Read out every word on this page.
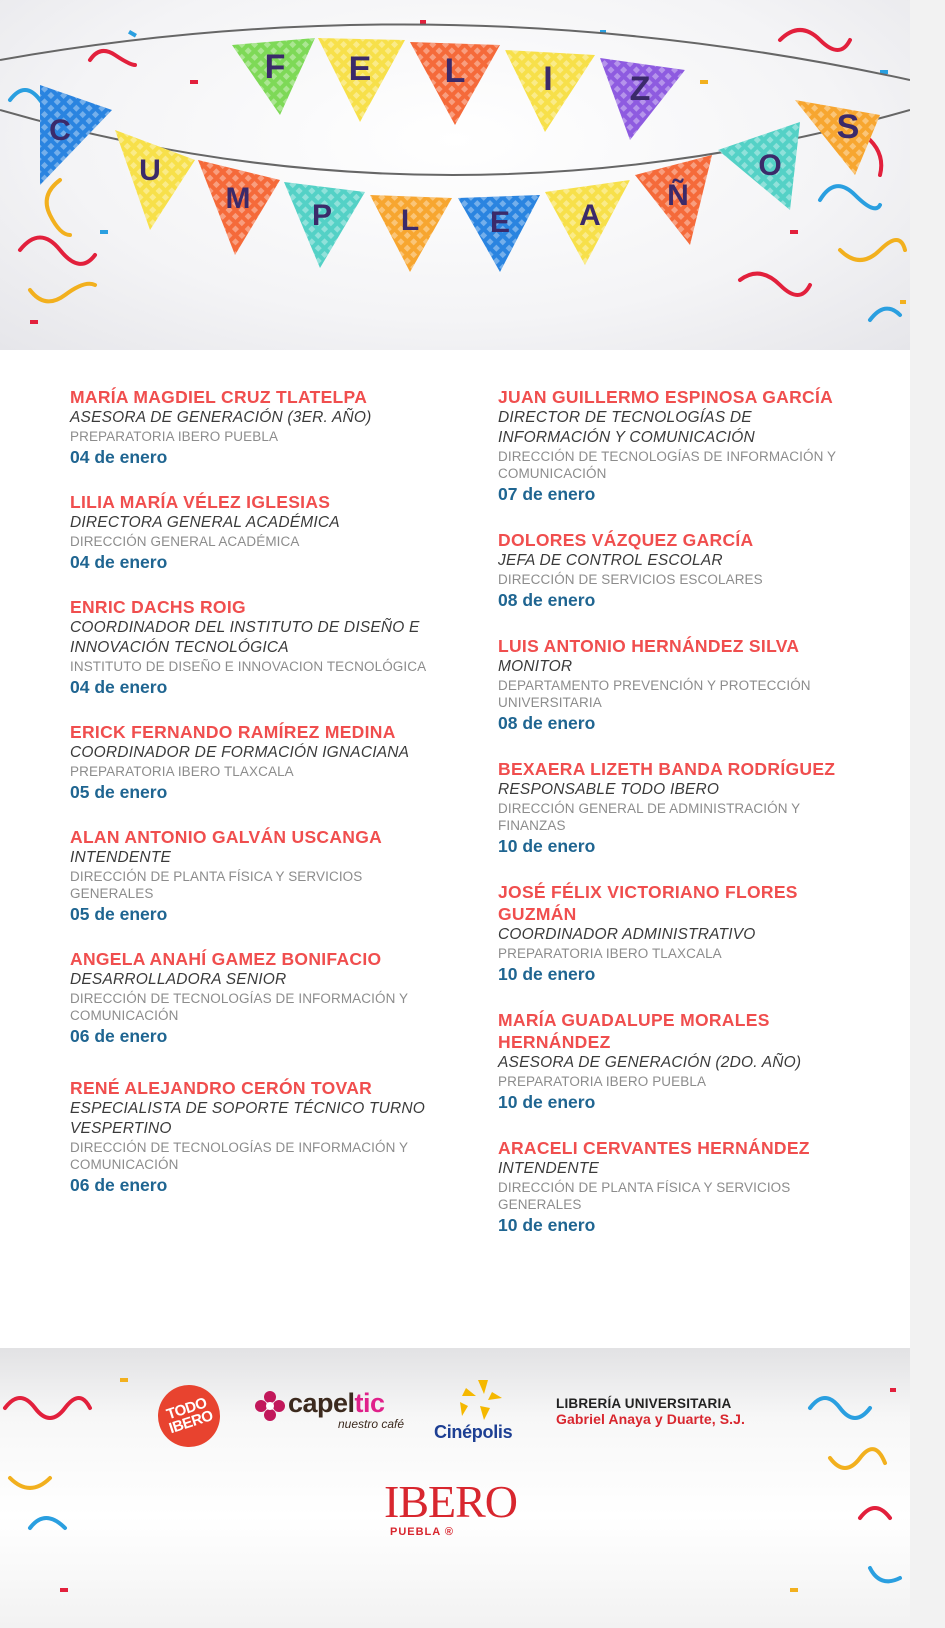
F E L I Z
S
C
U
M
P L E A
Ñ
O
MARÍA MAGDIEL CRUZ TLATELPA
ASESORA DE GENERACIÓN (3ER. AÑO)
PREPARATORIA IBERO PUEBLA
04 de enero
LILIA MARÍA VÉLEZ IGLESIAS
DIRECTORA GENERAL ACADÉMICA
DIRECCIÓN GENERAL ACADÉMICA
04 de enero
ENRIC DACHS ROIG
COORDINADOR DEL INSTITUTO DE DISEÑO E INNOVACIÓN TECNOLÓGICA
INSTITUTO DE DISEÑO E INNOVACION TECNOLÓGICA
04 de enero
ERICK FERNANDO RAMÍREZ MEDINA
COORDINADOR DE FORMACIÓN IGNACIANA
PREPARATORIA IBERO TLAXCALA
05 de enero
ALAN ANTONIO GALVÁN USCANGA
INTENDENTE
DIRECCIÓN DE PLANTA FÍSICA Y SERVICIOS GENERALES
05 de enero
ANGELA ANAHÍ GAMEZ BONIFACIO
DESARROLLADORA SENIOR
DIRECCIÓN DE TECNOLOGÍAS DE INFORMACIÓN Y COMUNICACIÓN
06 de enero
RENÉ ALEJANDRO CERÓN TOVAR
ESPECIALISTA DE SOPORTE TÉCNICO TURNO VESPERTINO
DIRECCIÓN DE TECNOLOGÍAS DE INFORMACIÓN Y COMUNICACIÓN
06 de enero
JUAN GUILLERMO ESPINOSA GARCÍA
DIRECTOR DE TECNOLOGÍAS DE INFORMACIÓN Y COMUNICACIÓN
DIRECCIÓN DE TECNOLOGÍAS DE INFORMACIÓN Y COMUNICACIÓN
07 de enero
DOLORES VÁZQUEZ GARCÍA
JEFA DE CONTROL ESCOLAR
DIRECCIÓN DE SERVICIOS ESCOLARES
08 de enero
LUIS ANTONIO HERNÁNDEZ SILVA
MONITOR
DEPARTAMENTO PREVENCIÓN Y PROTECCIÓN UNIVERSITARIA
08 de enero
BEXAERA LIZETH BANDA RODRÍGUEZ
RESPONSABLE TODO IBERO
DIRECCIÓN GENERAL DE ADMINISTRACIÓN Y FINANZAS
10 de enero
JOSÉ FÉLIX VICTORIANO FLORES GUZMÁN
COORDINADOR ADMINISTRATIVO
PREPARATORIA IBERO TLAXCALA
10 de enero
MARÍA GUADALUPE MORALES HERNÁNDEZ
ASESORA DE GENERACIÓN (2DO. AÑO)
PREPARATORIA IBERO PUEBLA
10 de enero
ARACELI CERVANTES HERNÁNDEZ
INTENDENTE
DIRECCIÓN DE PLANTA FÍSICA Y SERVICIOS GENERALES
10 de enero
TODO IBERO
capeltic
nuestro café Cinépolis
LIBRERÍA UNIVERSITARIA
Gabriel Anaya y Duarte, S.J.
IBERO
PUEBLA ®
